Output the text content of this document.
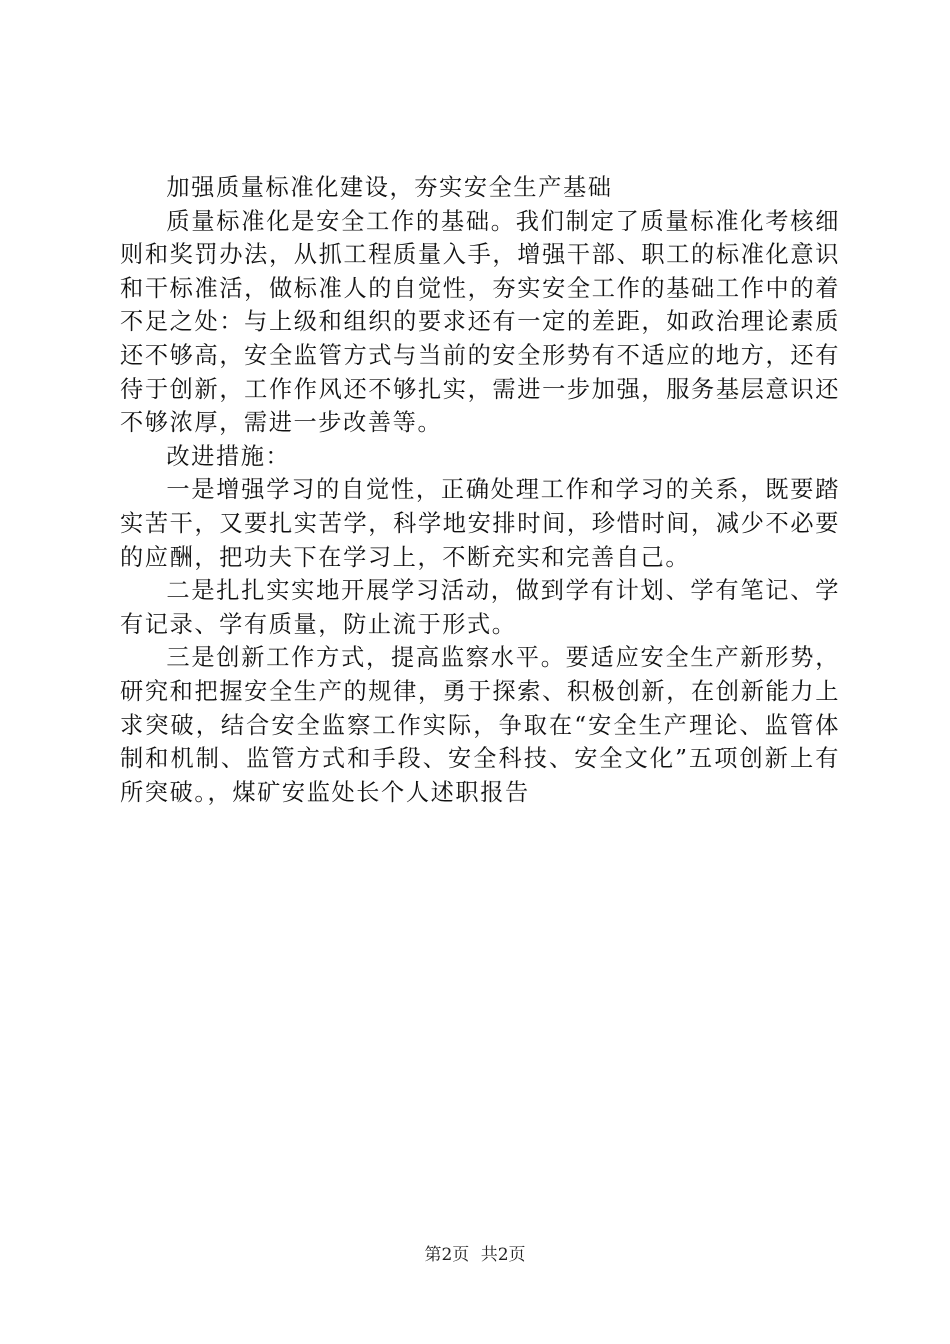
加强质量标准化建设，夯实安全生产基础

质量标准化是安全工作的基础。我们制定了质量标准化考核细则和奖罚办法，从抓工程质量入手，增强干部、职工的标准化意识和干标准活，做标准人的自觉性，夯实安全工作的基础工作中的着不足之处：与上级和组织的要求还有一定的差距，如政治理论素质还不够高，安全监管方式与当前的安全形势有不适应的地方，还有待于创新，工作作风还不够扎实，需进一步加强，服务基层意识还不够浓厚，需进一步改善等。

改进措施：

一是增强学习的自觉性，正确处理工作和学习的关系，既要踏实苦干，又要扎实苦学，科学地安排时间，珍惜时间，减少不必要的应酬，把功夫下在学习上，不断充实和完善自己。

二是扎扎实实地开展学习活动，做到学有计划、学有笔记、学有记录、学有质量，防止流于形式。

三是创新工作方式，提高监察水平。要适应安全生产新形势，研究和把握安全生产的规律，勇于探索、积极创新，在创新能力上求突破，结合安全监察工作实际，争取在“安全生产理论、监管体制和机制、监管方式和手段、安全科技、安全文化”五项创新上有所突破。，煤矿安监处长个人述职报告

第2页 共2页
